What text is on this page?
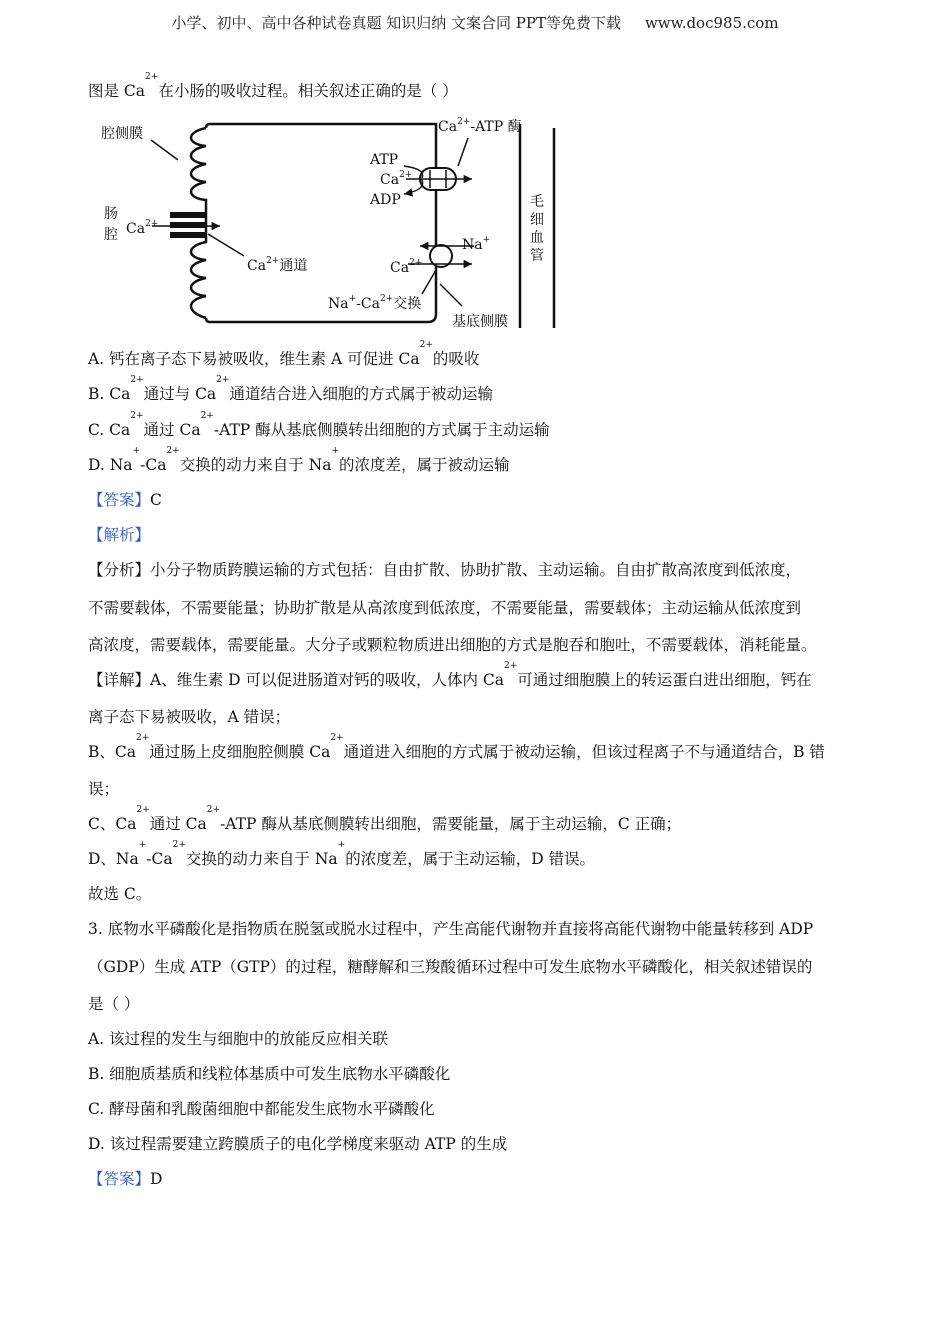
小学、初中、高中各种试卷真题 知识归纳 文案合同 PPT等免费下载 www.doc985.com
图是 $Ca^{2+}$在小肠的吸收过程。相关叙述正确的是（ ）
腔侧膜
肠
腔 $Ca^{2+}$
$Ca^{2+}$通道
ATP
$Ca^{2+}$
ADP
$Ca^{2+}$-ATP 酶
Na+
$Ca^{2+}$
$Na^+-Ca^{2+}$交换
基底侧膜
毛
细
血
管
A. 钙在离子态下易被吸收，维生素 A 可促进 $Ca^{2+}$的吸收
B. $Ca^{2+}$通过与 $Ca^{2+}$通道结合进入细胞的方式属于被动运输
C. $Ca^{2+}$通过 $Ca^{2+}$-ATP 酶从基底侧膜转出细胞的方式属于主动运输
D. $Na^+-Ca^{2+}$交换的动力来自于 Na+的浓度差，属于被动运输
【答案】C
【解析】
【分析】小分子物质跨膜运输的方式包括：自由扩散、协助扩散、主动运输。自由扩散高浓度到低浓度，
不需要载体，不需要能量；协助扩散是从高浓度到低浓度，不需要能量，需要载体；主动运输从低浓度到
高浓度，需要载体，需要能量。大分子或颗粒物质进出细胞的方式是胞吞和胞吐，不需要载体，消耗能量。
【详解】A、维生素 D 可以促进肠道对钙的吸收，人体内 $Ca^{2+}$可通过细胞膜上的转运蛋白进出细胞，钙在
离子态下易被吸收，A 错误；
B、$Ca^{2+}$通过肠上皮细胞腔侧膜 $Ca^{2+}$通道进入细胞的方式属于被动运输，但该过程离子不与通道结合，B 错
误；
C、$Ca^{2+}$通过 $Ca^{2+}$-ATP 酶从基底侧膜转出细胞，需要能量，属于主动运输，C 正确；
D、$Na^+-Ca^{2+}$交换的动力来自于 Na+的浓度差，属于主动运输，D 错误。
故选 C。
3. 底物水平磷酸化是指物质在脱氢或脱水过程中，产生高能代谢物并直接将高能代谢物中能量转移到 ADP
（GDP）生成 ATP（GTP）的过程，糖酵解和三羧酸循环过程中可发生底物水平磷酸化，相关叙述错误的
是（ ）
A. 该过程的发生与细胞中的放能反应相关联
B. 细胞质基质和线粒体基质中可发生底物水平磷酸化
C. 酵母菌和乳酸菌细胞中都能发生底物水平磷酸化
D. 该过程需要建立跨膜质子的电化学梯度来驱动 ATP 的生成
【答案】D
